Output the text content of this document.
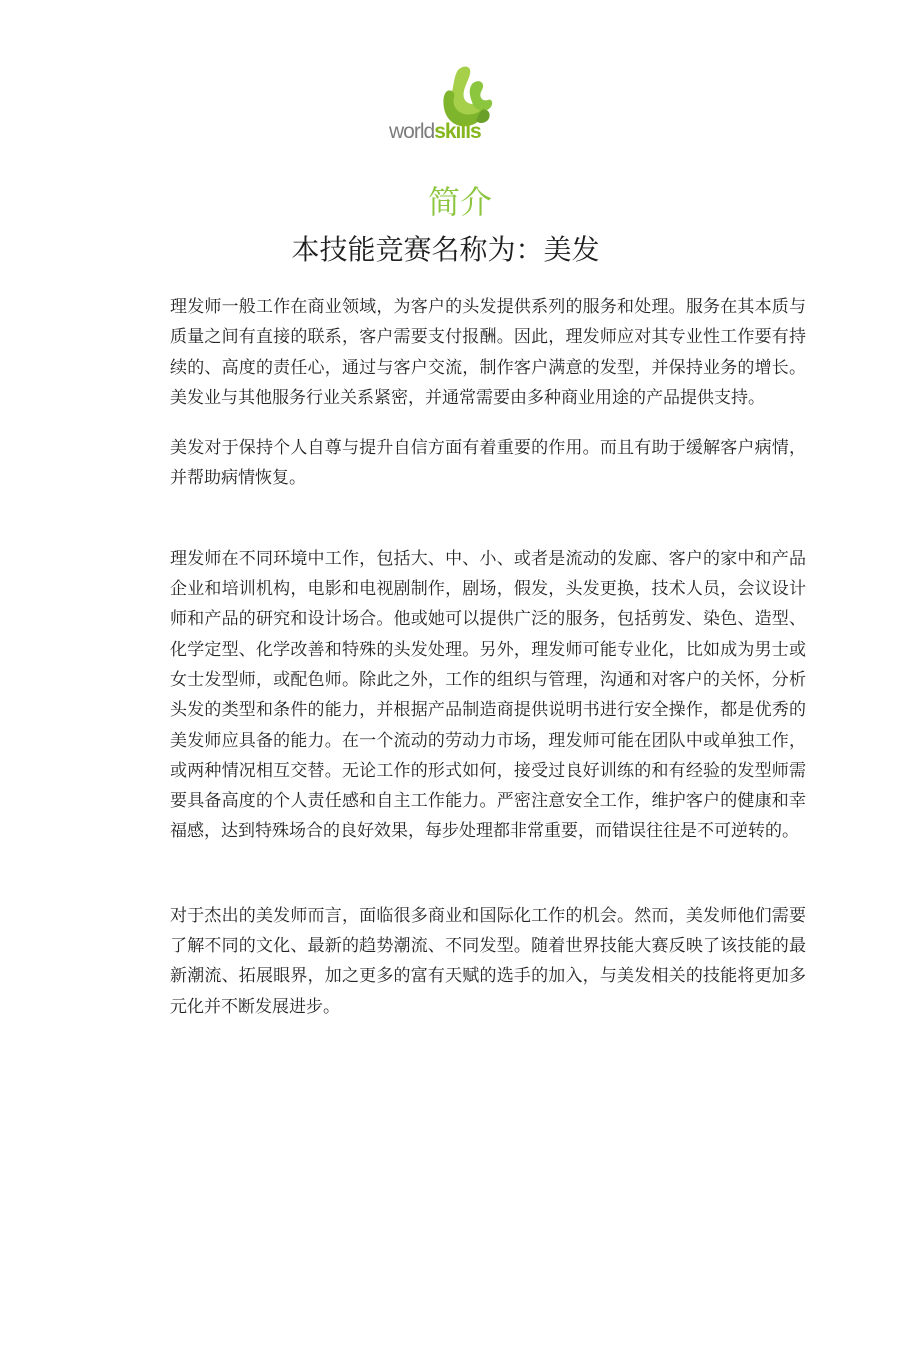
worldskills
简介
本技能竞赛名称为：美发

理发师一般工作在商业领域，为客户的头发提供系列的服务和处理。服务在其本质与质量之间有直接的联系，客户需要支付报酬。因此，理发师应对其专业性工作要有持续的、高度的责任心，通过与客户交流，制作客户满意的发型，并保持业务的增长。美发业与其他服务行业关系紧密，并通常需要由多种商业用途的产品提供支持。

美发对于保持个人自尊与提升自信方面有着重要的作用。而且有助于缓解客户病情，并帮助病情恢复。

理发师在不同环境中工作，包括大、中、小、或者是流动的发廊、客户的家中和产品企业和培训机构，电影和电视剧制作，剧场，假发，头发更换，技术人员，会议设计师和产品的研究和设计场合。他或她可以提供广泛的服务，包括剪发、染色、造型、化学定型、化学改善和特殊的头发处理。另外，理发师可能专业化，比如成为男士或女士发型师，或配色师。除此之外，工作的组织与管理，沟通和对客户的关怀，分析头发的类型和条件的能力，并根据产品制造商提供说明书进行安全操作，都是优秀的美发师应具备的能力。在一个流动的劳动力市场，理发师可能在团队中或单独工作，或两种情况相互交替。无论工作的形式如何，接受过良好训练的和有经验的发型师需要具备高度的个人责任感和自主工作能力。严密注意安全工作，维护客户的健康和幸福感，达到特殊场合的良好效果，每步处理都非常重要，而错误往往是不可逆转的。

对于杰出的美发师而言，面临很多商业和国际化工作的机会。然而，美发师他们需要了解不同的文化、最新的趋势潮流、不同发型。随着世界技能大赛反映了该技能的最新潮流、拓展眼界，加之更多的富有天赋的选手的加入，与美发相关的技能将更加多元化并不断发展进步。
